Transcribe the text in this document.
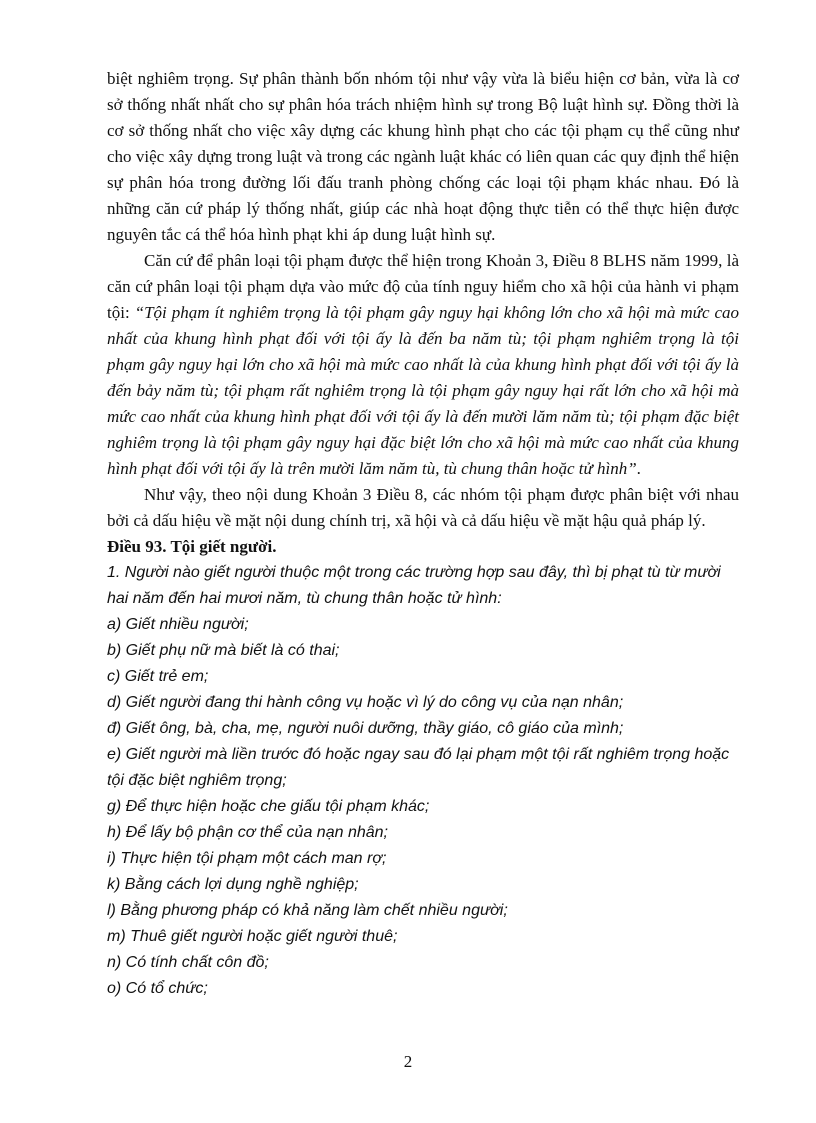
biệt nghiêm trọng. Sự phân thành bốn nhóm tội như vậy vừa là biểu hiện cơ bản, vừa là cơ sở thống nhất nhất cho sự phân hóa trách nhiệm hình sự trong Bộ luật hình sự. Đồng thời là cơ sở thống nhất cho việc xây dựng các khung hình phạt cho các tội phạm cụ thể cũng như cho việc xây dựng trong luật và trong các ngành luật khác có liên quan các quy định thể hiện sự phân hóa trong đường lối đấu tranh phòng chống các loại tội phạm khác nhau. Đó là những căn cứ pháp lý thống nhất, giúp các nhà hoạt động thực tiễn có thể thực hiện được nguyên tắc cá thể hóa hình phạt khi áp dung luật hình sự.

Căn cứ để phân loại tội phạm được thể hiện trong Khoản 3, Điều 8 BLHS năm 1999, là căn cứ phân loại tội phạm dựa vào mức độ của tính nguy hiểm cho xã hội của hành vi phạm tội: “Tội phạm ít nghiêm trọng là tội phạm gây nguy hại không lớn cho xã hội mà mức cao nhất của khung hình phạt đối với tội ấy là đến ba năm tù; tội phạm nghiêm trọng là tội phạm gây nguy hại lớn cho xã hội mà mức cao nhất là của khung hình phạt đối với tội ấy là đến bảy năm tù; tội phạm rất nghiêm trọng là tội phạm gây nguy hại rất lớn cho xã hội mà mức cao nhất của khung hình phạt đối với tội ấy là đến mười lăm năm tù; tội phạm đặc biệt nghiêm trọng là tội phạm gây nguy hại đặc biệt lớn cho xã hội mà mức cao nhất của khung hình phạt đối với tội ấy là trên mười lăm năm tù, tù chung thân hoặc tử hình”.

Như vậy, theo nội dung Khoản 3 Điều 8, các nhóm tội phạm được phân biệt với nhau bởi cả dấu hiệu về mặt nội dung chính trị, xã hội và cả dấu hiệu về mặt hậu quả pháp lý.

Điều 93. Tội giết người.

1. Người nào giết người thuộc một trong các trường hợp sau đây, thì bị phạt tù từ mười hai năm đến hai mươi năm, tù chung thân hoặc tử hình:

a) Giết nhiều người;

b) Giết phụ nữ mà biết là có thai;

c) Giết trẻ em;

d) Giết người đang thi hành công vụ hoặc vì lý do công vụ của nạn nhân;

đ) Giết ông, bà, cha, mẹ, người nuôi dưỡng, thầy giáo, cô giáo của mình;

e) Giết người mà liền trước đó hoặc ngay sau đó lại phạm một tội rất nghiêm trọng hoặc tội đặc biệt nghiêm trọng;

g) Để thực hiện hoặc che giấu tội phạm khác;

h) Để lấy bộ phận cơ thể của nạn nhân;

i) Thực hiện tội phạm một cách man rợ;

k) Bằng cách lợi dụng nghề nghiệp;

l) Bằng phương pháp có khả năng làm chết nhiều người;

m) Thuê giết người hoặc giết người thuê;

n) Có tính chất côn đồ;

o) Có tổ chức;

2
